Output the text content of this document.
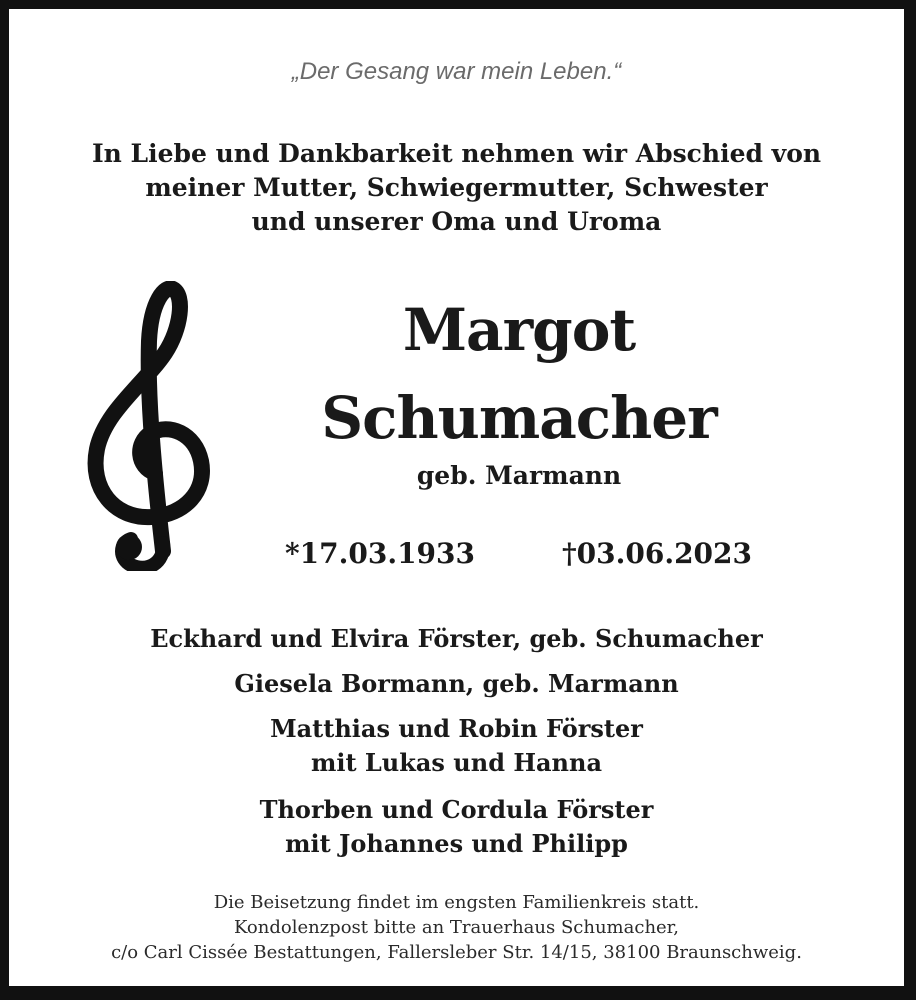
„Der Gesang war mein Leben.“
In Liebe und Dankbarkeit nehmen wir Abschied von
meiner Mutter, Schwiegermutter, Schwester
und unserer Oma und Uroma
Margot
Schumacher
geb. Marmann
*17.03.1933	†03.06.2023
Eckhard und Elvira Förster, geb. Schumacher
Giesela Bormann, geb. Marmann
Matthias und Robin Förster
mit Lukas und Hanna
Thorben und Cordula Förster
mit Johannes und Philipp
Die Beisetzung findet im engsten Familienkreis statt.
Kondolenzpost bitte an Trauerhaus Schumacher,
c/o Carl Cissée Bestattungen, Fallersleber Str. 14/15, 38100 Braunschweig.
